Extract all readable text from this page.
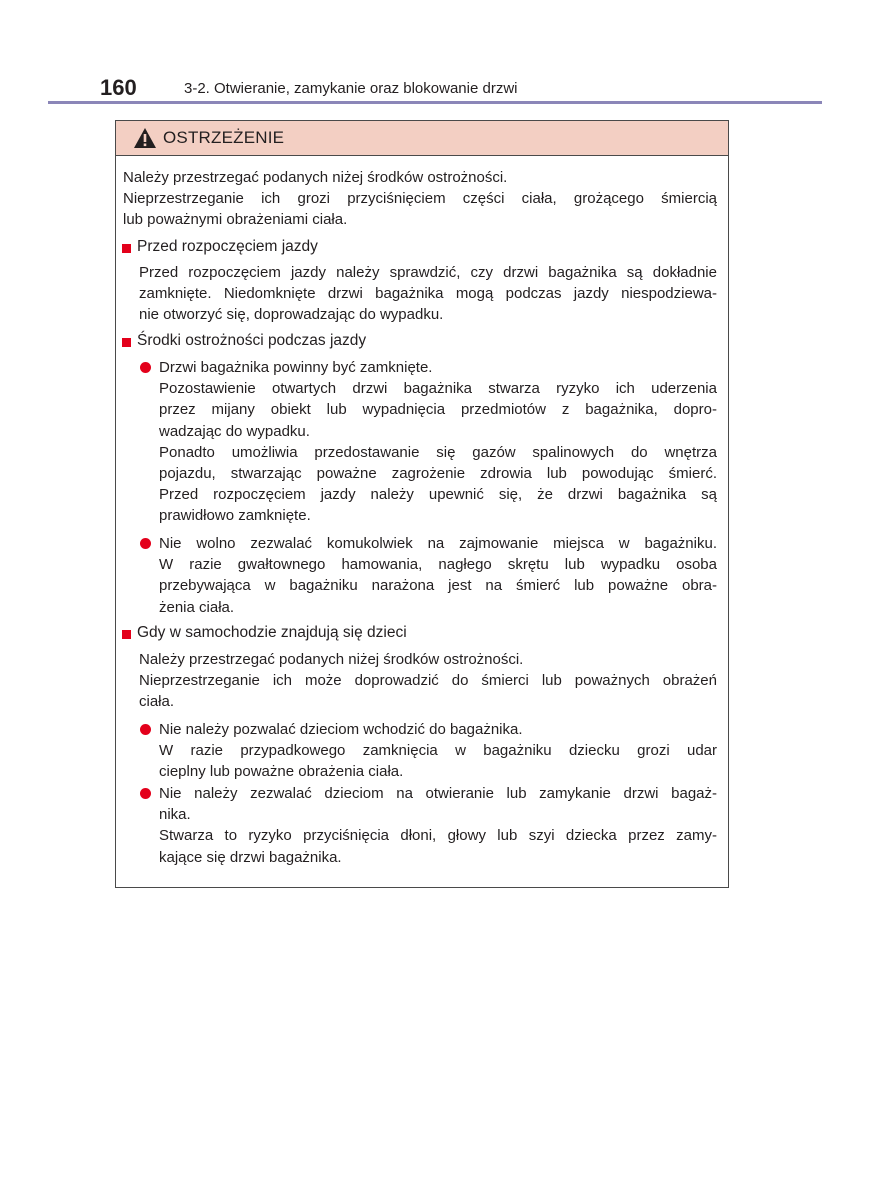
160	3-2. Otwieranie, zamykanie oraz blokowanie drzwi
OSTRZEŻENIE
Należy przestrzegać podanych niżej środków ostrożności.
Nieprzestrzeganie ich grozi przyciśnięciem części ciała, grożącego śmiercią
lub poważnymi obrażeniami ciała.
Przed rozpoczęciem jazdy
Przed rozpoczęciem jazdy należy sprawdzić, czy drzwi bagażnika są dokładnie
zamknięte. Niedomknięte drzwi bagażnika mogą podczas jazdy niespodziewa-
nie otworzyć się, doprowadzając do wypadku.
Środki ostrożności podczas jazdy
Drzwi bagażnika powinny być zamknięte.
Pozostawienie otwartych drzwi bagażnika stwarza ryzyko ich uderzenia
przez mijany obiekt lub wypadnięcia przedmiotów z bagażnika, dopro-
wadzając do wypadku.
Ponadto umożliwia przedostawanie się gazów spalinowych do wnętrza
pojazdu, stwarzając poważne zagrożenie zdrowia lub powodując śmierć.
Przed rozpoczęciem jazdy należy upewnić się, że drzwi bagażnika są
prawidłowo zamknięte.
Nie wolno zezwalać komukolwiek na zajmowanie miejsca w bagażniku.
W razie gwałtownego hamowania, nagłego skrętu lub wypadku osoba
przebywająca w bagażniku narażona jest na śmierć lub poważne obra-
żenia ciała.
Gdy w samochodzie znajdują się dzieci
Należy przestrzegać podanych niżej środków ostrożności.
Nieprzestrzeganie ich może doprowadzić do śmierci lub poważnych obrażeń
ciała.
Nie należy pozwalać dzieciom wchodzić do bagażnika.
W razie przypadkowego zamknięcia w bagażniku dziecku grozi udar
cieplny lub poważne obrażenia ciała.
Nie należy zezwalać dzieciom na otwieranie lub zamykanie drzwi bagaż-
nika.
Stwarza to ryzyko przyciśnięcia dłoni, głowy lub szyi dziecka przez zamy-
kające się drzwi bagażnika.
